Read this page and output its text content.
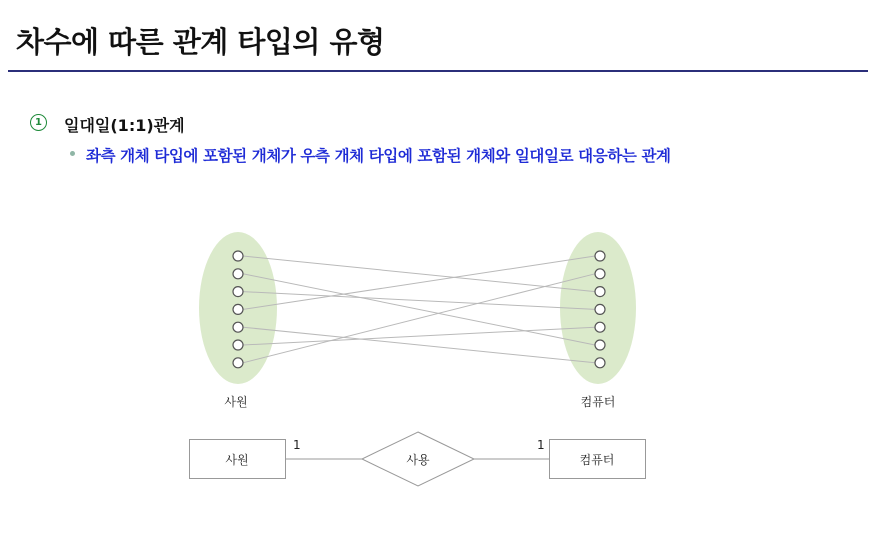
차수에 따른 관계 타입의 유형
1	일대일(1:1)관계
좌측 개체 타입에 포함된 개체가 우측 개체 타입에 포함된 개체와 일대일로 대응하는 관계
사원	컴퓨터
사원	사용	컴퓨터
1	1
